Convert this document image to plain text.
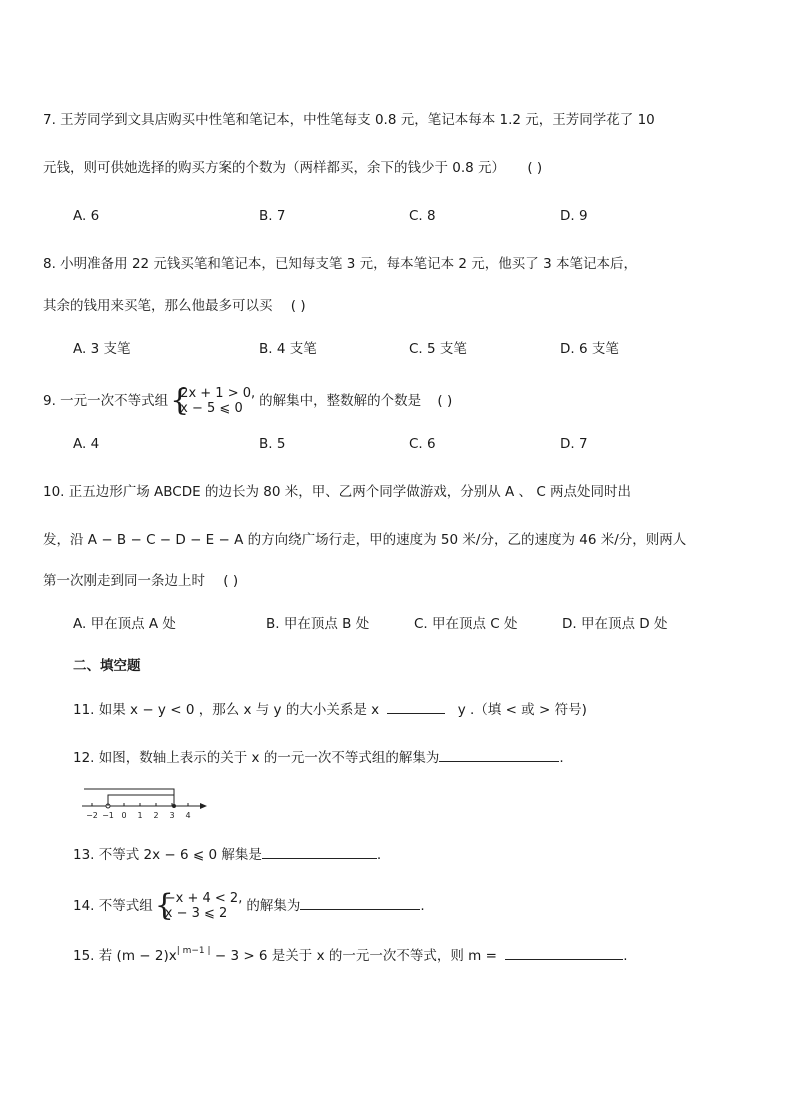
7. 王芳同学到文具店购买中性笔和笔记本，中性笔每支 0.8 元，笔记本每本 1.2 元，王芳同学花了 10
元钱，则可供她选择的购买方案的个数为（两样都买，余下的钱少于 0.8 元） ( )
A. 6	B. 7	C. 8	D. 9
8. 小明准备用 22 元钱买笔和笔记本，已知每支笔 3 元，每本笔记本 2 元，他买了 3 本笔记本后，
其余的钱用来买笔，那么他最多可以买 ( )
A. 3 支笔	B. 4 支笔	C. 5 支笔	D. 6 支笔
9. 一元一次不等式组 {
2x + 1 > 0,
x − 5 ⩽ 0	的解集中，整数解的个数是 ( )
A. 4	B. 5	C. 6	D. 7
10. 正五边形广场 ABCDE 的边长为 80 米，甲、乙两个同学做游戏，分别从 A 、 C 两点处同时出
发，沿 A − B − C − D − E − A 的方向绕广场行走，甲的速度为 50 米/分，乙的速度为 46 米/分，则两人
第一次刚走到同一条边上时 ( )
A. 甲在顶点 A 处	B. 甲在顶点 B 处	C. 甲在顶点 C 处	D. 甲在顶点 D 处
二、填空题
11. 如果 x − y < 0 ，那么 x 与 y 的大小关系是 x	y .（填 < 或 > 符号)
12. 如图，数轴上表示的关于 x 的一元一次不等式组的解集为	.
−2 −1 0 1 2 3 4
13. 不等式 2x − 6 ⩽ 0 解集是	.
14. 不等式组 {
−x + 4 < 2,
x − 3 ⩽ 2	的解集为	.
15. 若 $(m - 2)x^{| m-1 |} - 3 > 6$ 是关于 x 的一元一次不等式，则 m =	.
